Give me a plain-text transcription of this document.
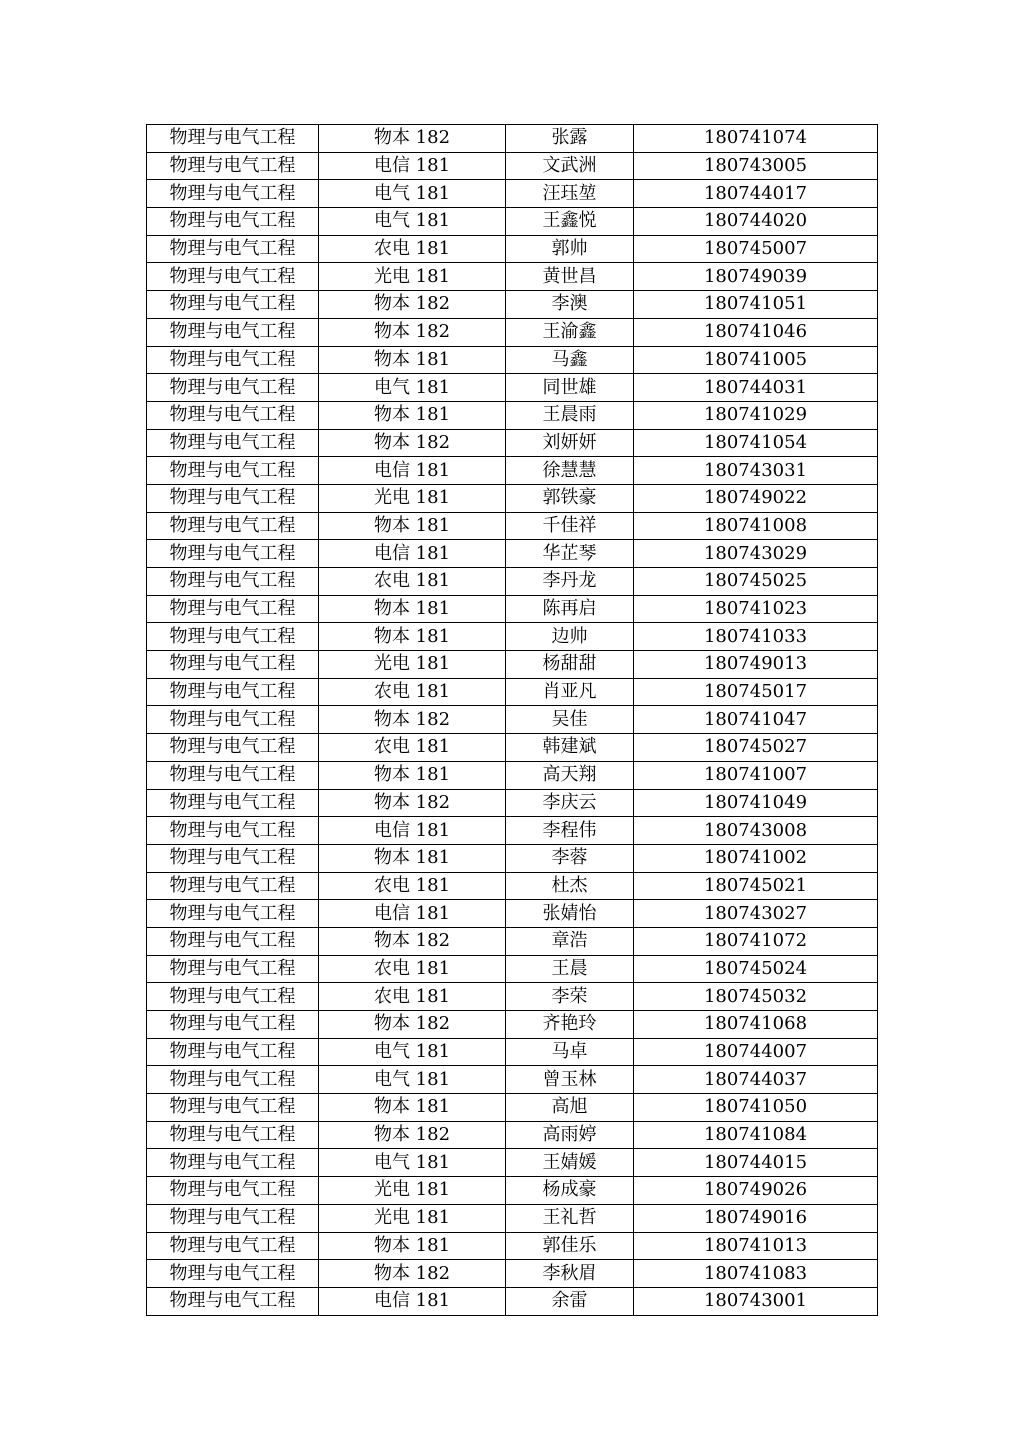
物理与电气工程	物本 182	张露	180741074
物理与电气工程	电信 181	文武洲	180743005
物理与电气工程	电气 181	汪珏堃	180744017
物理与电气工程	电气 181	王鑫悦	180744020
物理与电气工程	农电 181	郭帅	180745007
物理与电气工程	光电 181	黄世昌	180749039
物理与电气工程	物本 182	李澳	180741051
物理与电气工程	物本 182	王渝鑫	180741046
物理与电气工程	物本 181	马鑫	180741005
物理与电气工程	电气 181	同世雄	180744031
物理与电气工程	物本 181	王晨雨	180741029
物理与电气工程	物本 182	刘妍妍	180741054
物理与电气工程	电信 181	徐慧慧	180743031
物理与电气工程	光电 181	郭铁豪	180749022
物理与电气工程	物本 181	千佳祥	180741008
物理与电气工程	电信 181	华芷琴	180743029
物理与电气工程	农电 181	李丹龙	180745025
物理与电气工程	物本 181	陈再启	180741023
物理与电气工程	物本 181	边帅	180741033
物理与电气工程	光电 181	杨甜甜	180749013
物理与电气工程	农电 181	肖亚凡	180745017
物理与电气工程	物本 182	吴佳	180741047
物理与电气工程	农电 181	韩建斌	180745027
物理与电气工程	物本 181	高天翔	180741007
物理与电气工程	物本 182	李庆云	180741049
物理与电气工程	电信 181	李程伟	180743008
物理与电气工程	物本 181	李蓉	180741002
物理与电气工程	农电 181	杜杰	180745021
物理与电气工程	电信 181	张婧怡	180743027
物理与电气工程	物本 182	章浩	180741072
物理与电气工程	农电 181	王晨	180745024
物理与电气工程	农电 181	李荣	180745032
物理与电气工程	物本 182	齐艳玲	180741068
物理与电气工程	电气 181	马卓	180744007
物理与电气工程	电气 181	曾玉林	180744037
物理与电气工程	物本 181	高旭	180741050
物理与电气工程	物本 182	高雨婷	180741084
物理与电气工程	电气 181	王婧媛	180744015
物理与电气工程	光电 181	杨成豪	180749026
物理与电气工程	光电 181	王礼哲	180749016
物理与电气工程	物本 181	郭佳乐	180741013
物理与电气工程	物本 182	李秋眉	180741083
物理与电气工程	电信 181	余雷	180743001
